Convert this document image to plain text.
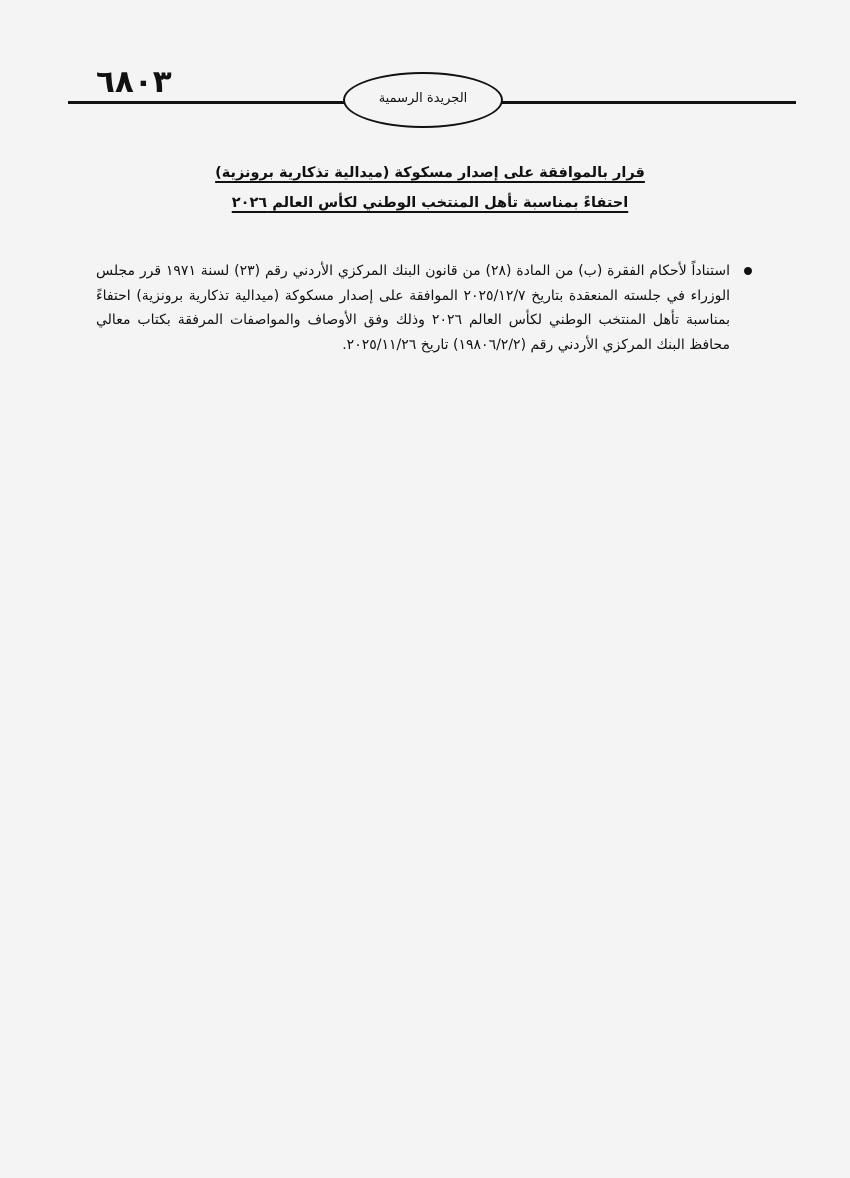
٦٨٠٣	الجريدة الرسمية
قرار بالموافقة على إصدار مسكوكة (ميدالية تذكارية برونزية)
احتفاءً بمناسبة تأهل المنتخب الوطني لكأس العالم ٢٠٢٦
استناداً لأحكام الفقرة (ب) من المادة (٢٨) من قانون البنك المركزي الأردني رقم (٢٣) لسنة ١٩٧١ قرر مجلس الوزراء في جلسته المنعقدة بتاريخ ٢٠٢٥/١٢/٧ الموافقة على إصدار مسكوكة (ميدالية تذكارية برونزية) احتفاءً بمناسبة تأهل المنتخب الوطني لكأس العالم ٢٠٢٦ وذلك وفق الأوصاف والمواصفات المرفقة بكتاب معالي محافظ البنك المركزي الأردني رقم (١٩٨٠٦/٢/٢) تاريخ ٢٠٢٥/١١/٢٦.
